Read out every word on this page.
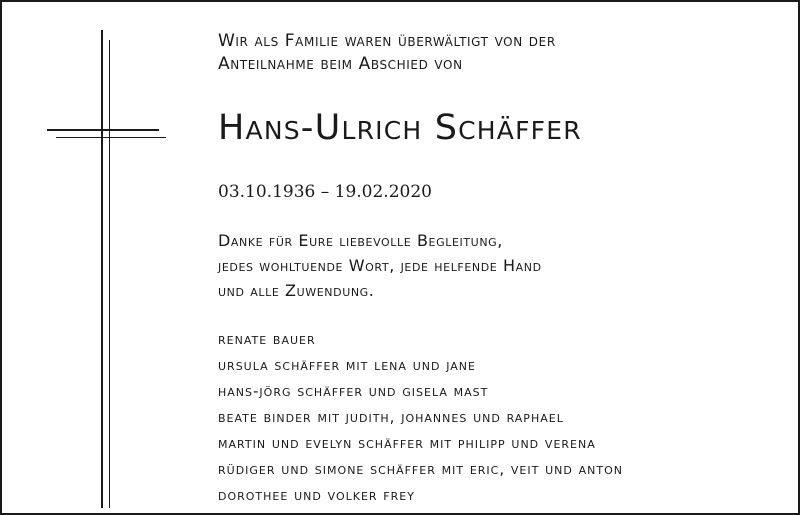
Wir als Familie waren überwältigt von der
Anteilnahme beim Abschied von
Hans-Ulrich Schäffer
03.10.1936 – 19.02.2020
Danke für Eure liebevolle Begleitung,
jedes wohltuende Wort, jede helfende Hand
und alle Zuwendung.
renate bauer
ursula schäffer mit lena und jane
hans-jörg schäffer und gisela mast
beate binder mit judith, johannes und raphael
martin und evelyn schäffer mit philipp und verena
rüdiger und simone schäffer mit eric, veit und anton
dorothee und volker frey
